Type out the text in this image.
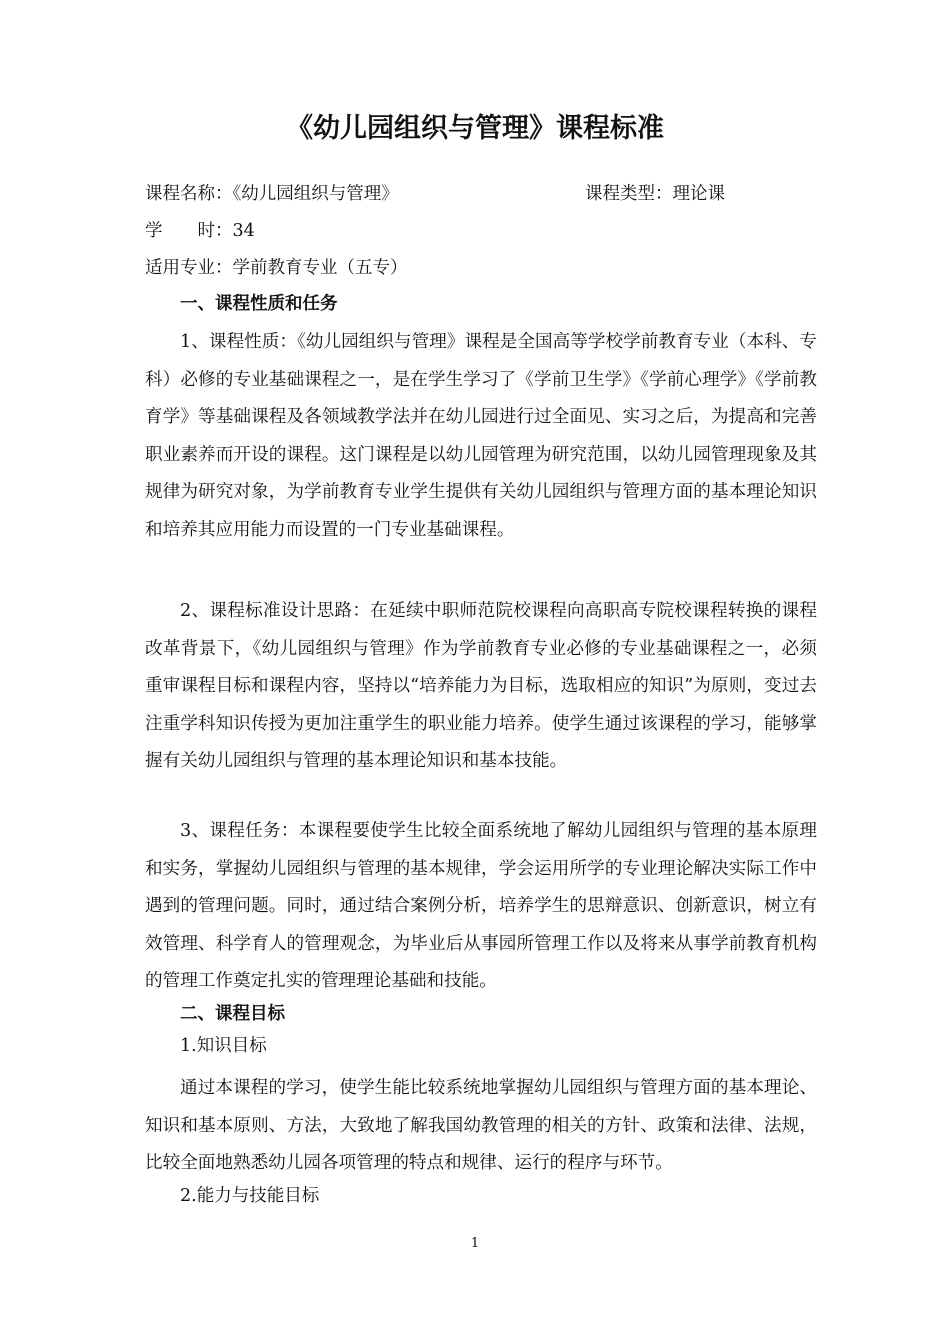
《幼儿园组织与管理》课程标准
课程名称：《幼儿园组织与管理》	课程类型：理论课
学　　时：34
适用专业：学前教育专业（五专）
一、课程性质和任务

1、课程性质：《幼儿园组织与管理》课程是全国高等学校学前教育专业（本科、专科）必修的专业基础课程之一，是在学生学习了《学前卫生学》《学前心理学》《学前教育学》等基础课程及各领域教学法并在幼儿园进行过全面见、实习之后，为提高和完善职业素养而开设的课程。这门课程是以幼儿园管理为研究范围，以幼儿园管理现象及其规律为研究对象，为学前教育专业学生提供有关幼儿园组织与管理方面的基本理论知识和培养其应用能力而设置的一门专业基础课程。

2、课程标准设计思路：在延续中职师范院校课程向高职高专院校课程转换的课程改革背景下，《幼儿园组织与管理》作为学前教育专业必修的专业基础课程之一，必须重审课程目标和课程内容，坚持以“培养能力为目标，选取相应的知识”为原则，变过去注重学科知识传授为更加注重学生的职业能力培养。使学生通过该课程的学习，能够掌握有关幼儿园组织与管理的基本理论知识和基本技能。

3、课程任务：本课程要使学生比较全面系统地了解幼儿园组织与管理的基本原理和实务，掌握幼儿园组织与管理的基本规律，学会运用所学的专业理论解决实际工作中遇到的管理问题。同时，通过结合案例分析，培养学生的思辩意识、创新意识，树立有效管理、科学育人的管理观念，为毕业后从事园所管理工作以及将来从事学前教育机构的管理工作奠定扎实的管理理论基础和技能。

二、课程目标
1.知识目标

通过本课程的学习，使学生能比较系统地掌握幼儿园组织与管理方面的基本理论、知识和基本原则、方法，大致地了解我国幼教管理的相关的方针、政策和法律、法规，比较全面地熟悉幼儿园各项管理的特点和规律、运行的程序与环节。

2.能力与技能目标
1
